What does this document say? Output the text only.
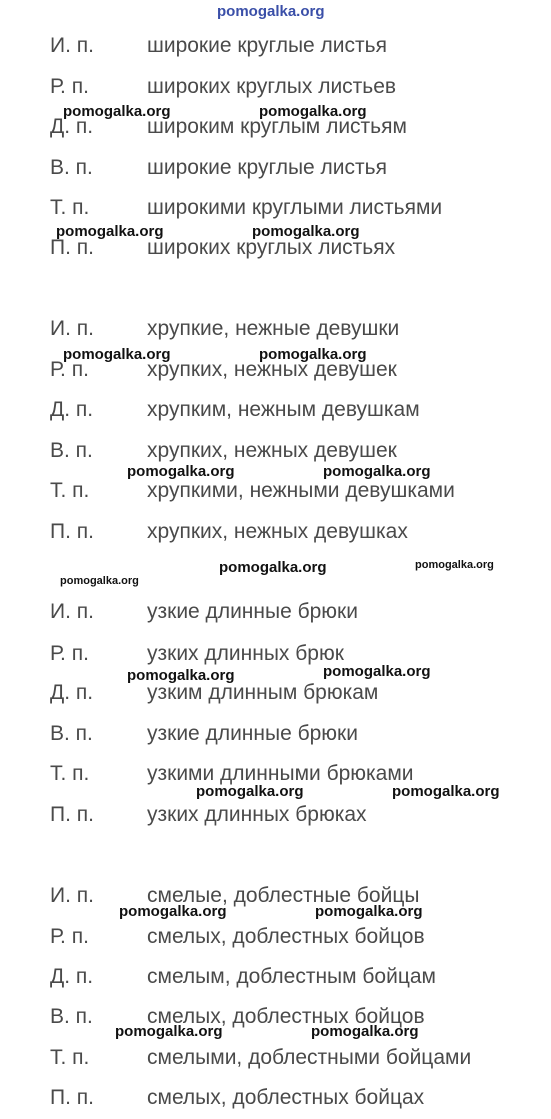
И. п.	широкие круглые листья
Р. п.	широких круглых листьев
Д. п.	широким круглым листьям
В. п.	широкие круглые листья
Т. п.	широкими круглыми листьями
П. п.	широких круглых листьях
И. п.	хрупкие, нежные девушки
Р. п.	хрупких, нежных девушек
Д. п.	хрупким, нежным девушкам
В. п.	хрупких, нежных девушек
Т. п.	хрупкими, нежными девушками
П. п.	хрупких, нежных девушках
И. п.	узкие длинные брюки
Р. п.	узких длинных брюк
Д. п.	узким длинным брюкам
В. п.	узкие длинные брюки
Т. п.	узкими длинными брюками
П. п.	узких длинных брюках
И. п.	смелые, доблестные бойцы
Р. п.	смелых, доблестных бойцов
Д. п.	смелым, доблестным бойцам
В. п.	смелых, доблестных бойцов
Т. п.	смелыми, доблестными бойцами
П. п.	смелых, доблестных бойцах
pomogalka.org
pomogalka.org	pomogalka.org
pomogalka.org	pomogalka.org
pomogalka.org	pomogalka.org
pomogalka.org	pomogalka.org
pomogalka.org
pomogalka.org	pomogalka.org
pomogalka.org	pomogalka.org
pomogalka.org	pomogalka.org
pomogalka.org	pomogalka.org
pomogalka.org	pomogalka.org
